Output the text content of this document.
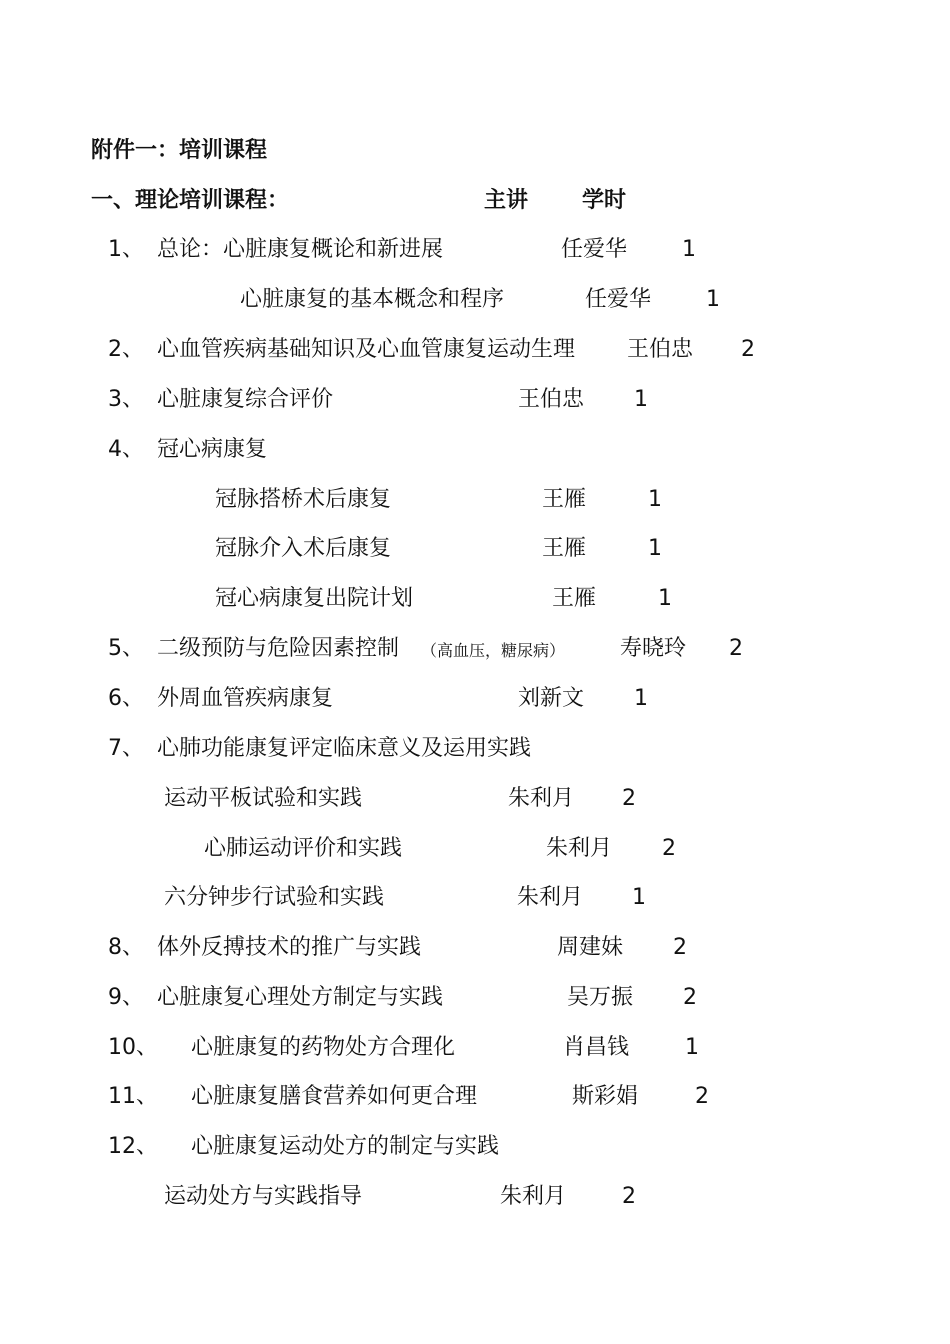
附件一：培训课程
一、理论培训课程：	主讲 学时
1、 总论：心脏康复概论和新进展	任爱华 1
心脏康复的基本概念和程序	任爱华 1
2、 心血管疾病基础知识及心血管康复运动生理 王伯忠 2
3、 心脏康复综合评价	王伯忠 1
4、 冠心病康复
冠脉搭桥术后康复	王雁	1
冠脉介入术后康复	王雁	1
冠心病康复出院计划	王雁	1
5、 二级预防与危险因素控制 （高血压，糖尿病） 寿晓玲 2
6、 外周血管疾病康复	刘新文 1
7、 心肺功能康复评定临床意义及运用实践
运动平板试验和实践	朱利月 2
心肺运动评价和实践	朱利月 2
六分钟步行试验和实践	朱利月 1
8、 体外反搏技术的推广与实践	周建妹 2
9、 心脏康复心理处方制定与实践	吴万振 2
10、 心脏康复的药物处方合理化	肖昌钱	1
11、 心脏康复膳食营养如何更合理	斯彩娟	2
12、 心脏康复运动处方的制定与实践
运动处方与实践指导	朱利月	2
